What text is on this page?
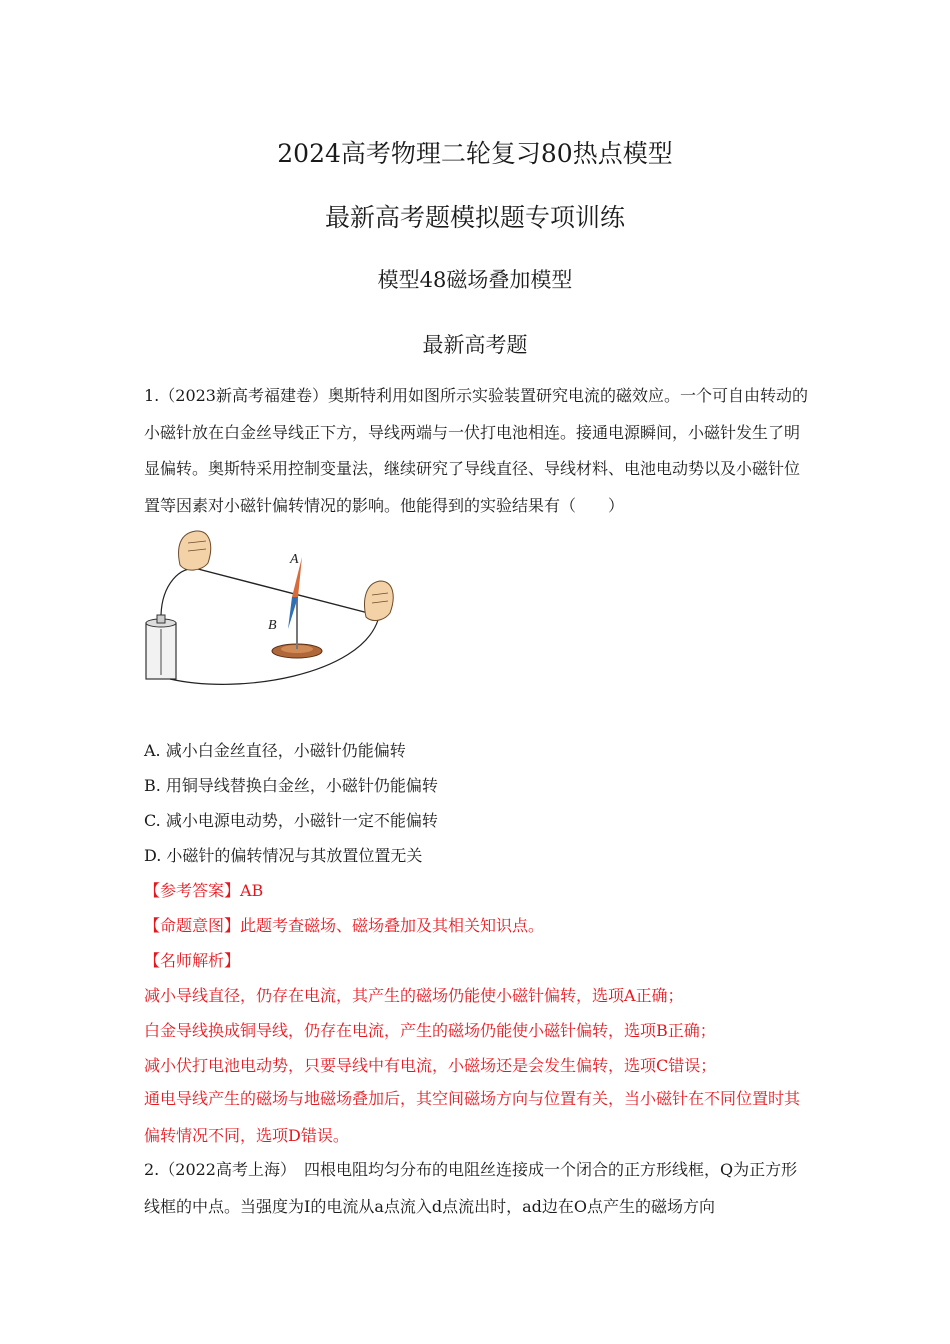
2024高考物理二轮复习80热点模型
最新高考题模拟题专项训练
模型48磁场叠加模型
最新高考题
1.（2023新高考福建卷）奥斯特利用如图所示实验装置研究电流的磁效应。一个可自由转动的小磁针放在白金丝导线正下方，导线两端与一伏打电池相连。接通电源瞬间，小磁针发生了明显偏转。奥斯特采用控制变量法，继续研究了导线直径、导线材料、电池电动势以及小磁针位置等因素对小磁针偏转情况的影响。他能得到的实验结果有（　　）
A
B
A. 减小白金丝直径，小磁针仍能偏转
B. 用铜导线替换白金丝，小磁针仍能偏转
C. 减小电源电动势，小磁针一定不能偏转
D. 小磁针的偏转情况与其放置位置无关
【参考答案】AB
【命题意图】此题考查磁场、磁场叠加及其相关知识点。
【名师解析】
减小导线直径，仍存在电流，其产生的磁场仍能使小磁针偏转，选项A正确；
白金导线换成铜导线，仍存在电流，产生的磁场仍能使小磁针偏转，选项B正确；
减小伏打电池电动势，只要导线中有电流，小磁场还是会发生偏转，选项C错误；
通电导线产生的磁场与地磁场叠加后，其空间磁场方向与位置有关，当小磁针在不同位置时其偏转情况不同，选项D错误。
2.（2022高考上海）　四根电阻均匀分布的电阻丝连接成一个闭合的正方形线框，Q为正方形线框的中点。当强度为I的电流从a点流入d点流出时，ad边在O点产生的磁场方向
